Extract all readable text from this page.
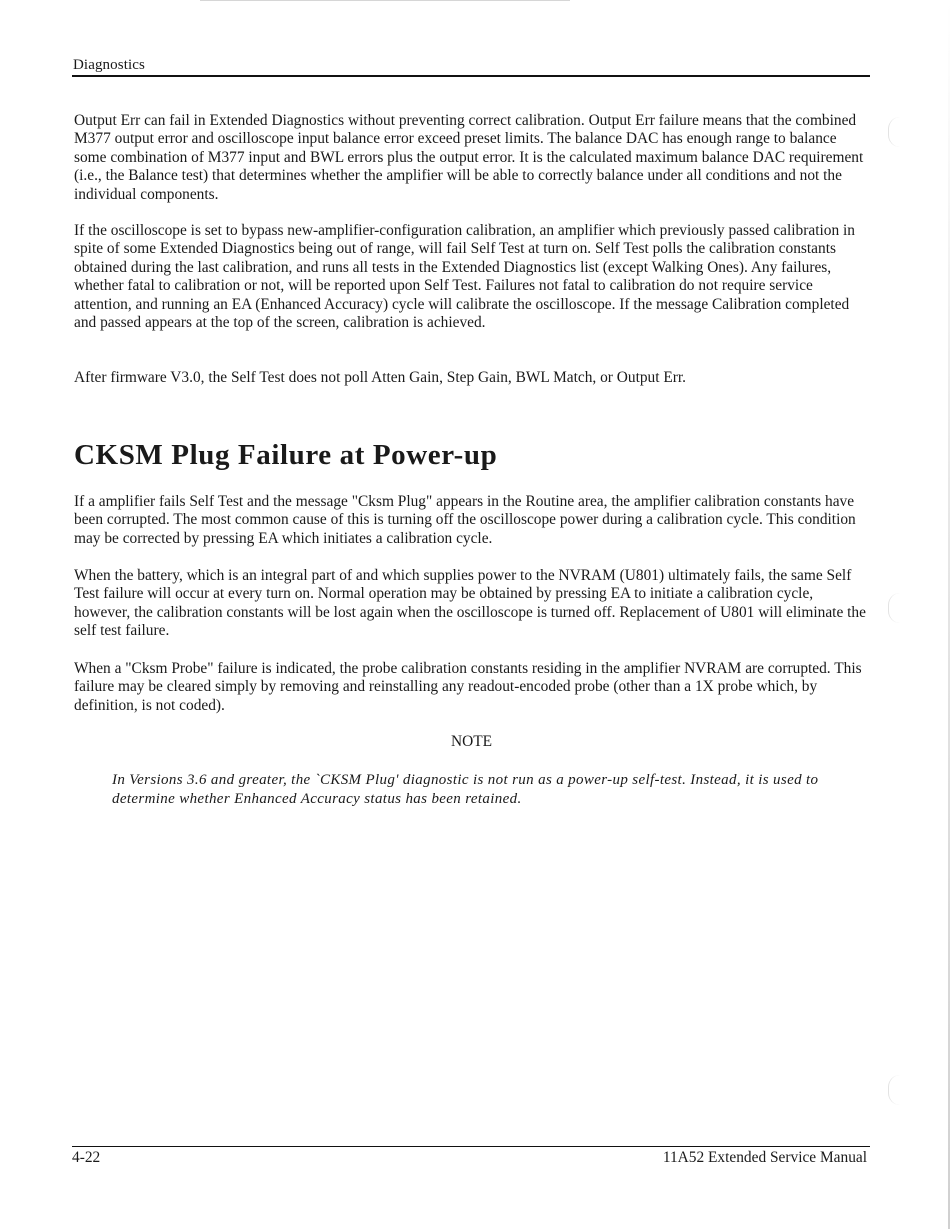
Diagnostics

Output Err can fail in Extended Diagnostics without preventing correct calibration. Output Err failure means that the combined M377 output error and oscilloscope input balance error exceed preset limits. The balance DAC has enough range to balance some combination of M377 input and BWL errors plus the output error. It is the calculated maximum balance DAC requirement (i.e., the Balance test) that determines whether the amplifier will be able to correctly balance under all conditions and not the individual components.

If the oscilloscope is set to bypass new-amplifier-configuration calibration, an amplifier which previously passed calibration in spite of some Extended Diagnostics being out of range, will fail Self Test at turn on. Self Test polls the calibration constants obtained during the last calibration, and runs all tests in the Extended Diagnostics list (except Walking Ones). Any failures, whether fatal to calibration or not, will be reported upon Self Test. Failures not fatal to calibration do not require service attention, and running an EA (Enhanced Accuracy) cycle will calibrate the oscilloscope. If the message Calibration completed and passed appears at the top of the screen, calibration is achieved.

After firmware V3.0, the Self Test does not poll Atten Gain, Step Gain, BWL Match, or Output Err.

CKSM Plug Failure at Power-up

If a amplifier fails Self Test and the message "Cksm Plug" appears in the Routine area, the amplifier calibration constants have been corrupted. The most common cause of this is turning off the oscilloscope power during a calibration cycle. This condition may be corrected by pressing EA which initiates a calibration cycle.

When the battery, which is an integral part of and which supplies power to the NVRAM (U801) ultimately fails, the same Self Test failure will occur at every turn on. Normal operation may be obtained by pressing EA to initiate a calibration cycle, however, the calibration constants will be lost again when the oscilloscope is turned off. Replacement of U801 will eliminate the self test failure.

When a "Cksm Probe" failure is indicated, the probe calibration constants residing in the amplifier NVRAM are corrupted. This failure may be cleared simply by removing and reinstalling any readout-encoded probe (other than a 1X probe which, by definition, is not coded).

NOTE

In Versions 3.6 and greater, the `CKSM Plug' diagnostic is not run as a power-up self-test. Instead, it is used to determine whether Enhanced Accuracy status has been retained.

4-22	11A52 Extended Service Manual
